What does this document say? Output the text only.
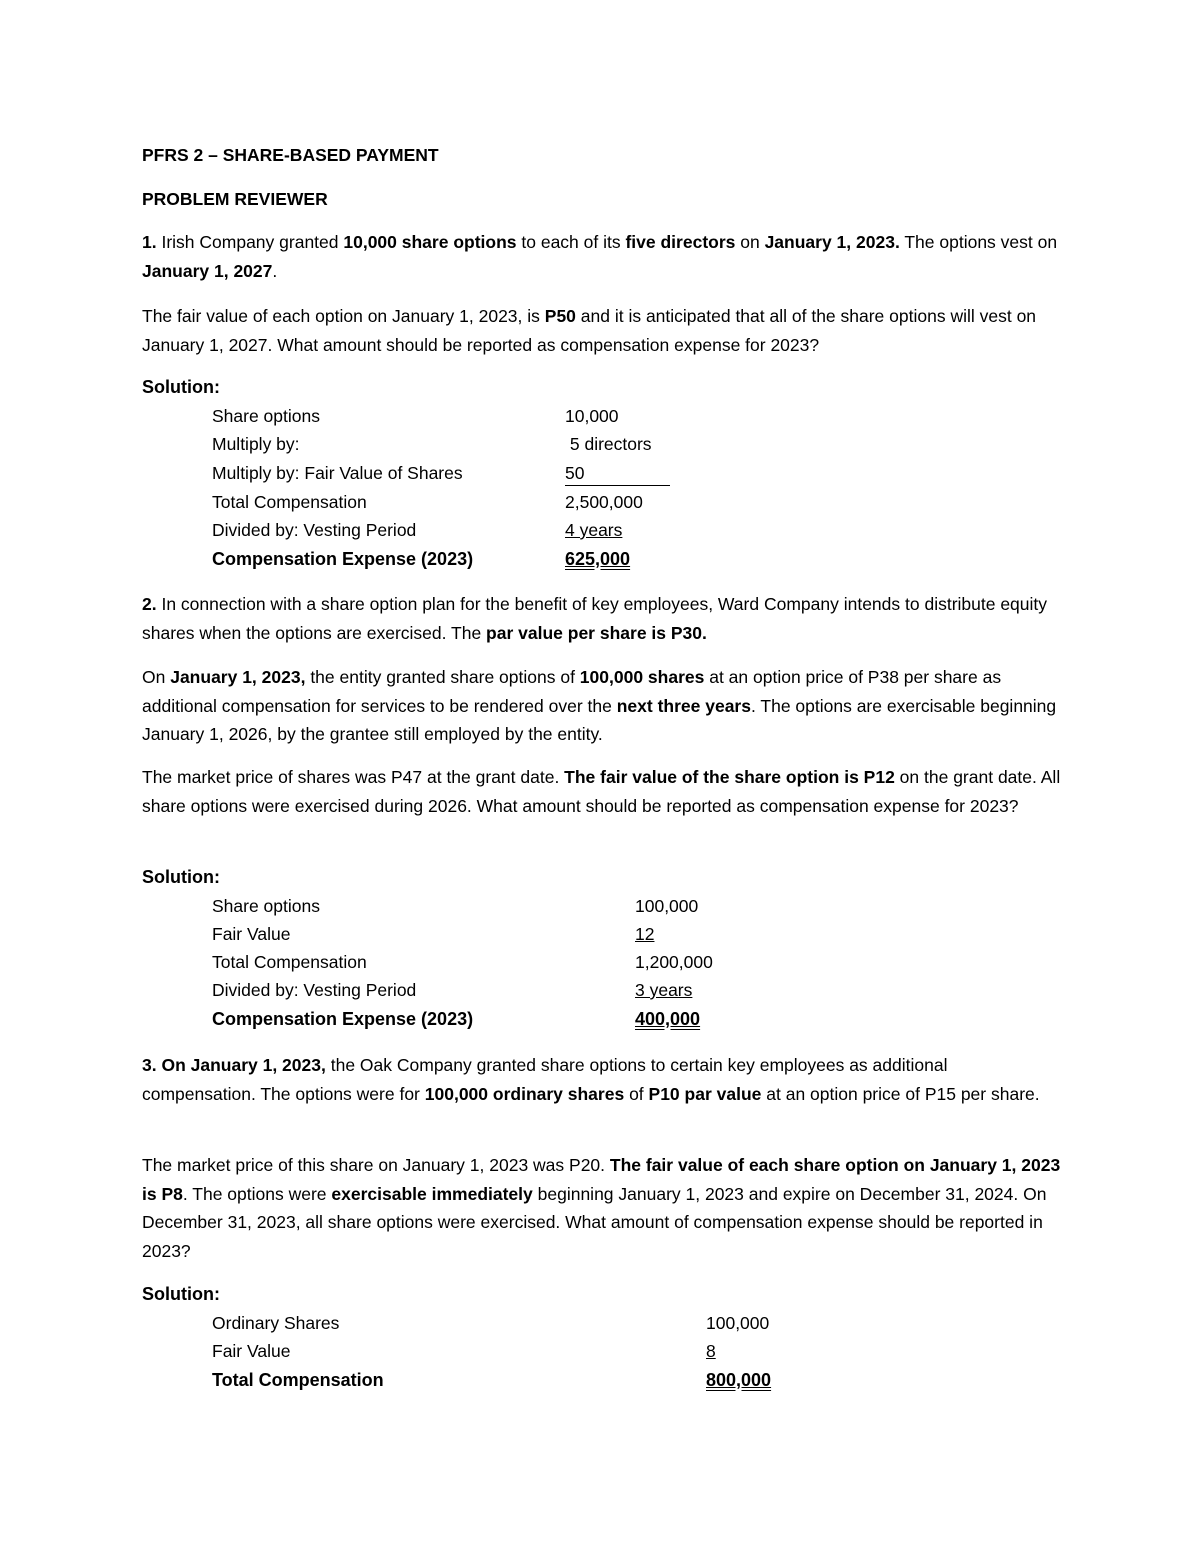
PFRS 2 – SHARE-BASED PAYMENT
PROBLEM REVIEWER

1. Irish Company granted 10,000 share options to each of its five directors on January 1, 2023. The options vest on January 1, 2027.

The fair value of each option on January 1, 2023, is P50 and it is anticipated that all of the share options will vest on January 1, 2027. What amount should be reported as compensation expense for 2023?

Solution:
Share options	10,000
Multiply by:	5 directors
Multiply by: Fair Value of Shares	50
Total Compensation	2,500,000
Divided by: Vesting Period	4 years
Compensation Expense (2023)	625,000

2. In connection with a share option plan for the benefit of key employees, Ward Company intends to distribute equity shares when the options are exercised. The par value per share is P30.

On January 1, 2023, the entity granted share options of 100,000 shares at an option price of P38 per share as additional compensation for services to be rendered over the next three years. The options are exercisable beginning January 1, 2026, by the grantee still employed by the entity.

The market price of shares was P47 at the grant date. The fair value of the share option is P12 on the grant date. All share options were exercised during 2026. What amount should be reported as compensation expense for 2023?

Solution:
Share options	100,000
Fair Value	12
Total Compensation	1,200,000
Divided by: Vesting Period	3 years
Compensation Expense (2023)	400,000

3. On January 1, 2023, the Oak Company granted share options to certain key employees as additional compensation. The options were for 100,000 ordinary shares of P10 par value at an option price of P15 per share.

The market price of this share on January 1, 2023 was P20. The fair value of each share option on January 1, 2023 is P8. The options were exercisable immediately beginning January 1, 2023 and expire on December 31, 2024. On December 31, 2023, all share options were exercised. What amount of compensation expense should be reported in 2023?

Solution:
Ordinary Shares	100,000
Fair Value	8
Total Compensation	800,000
